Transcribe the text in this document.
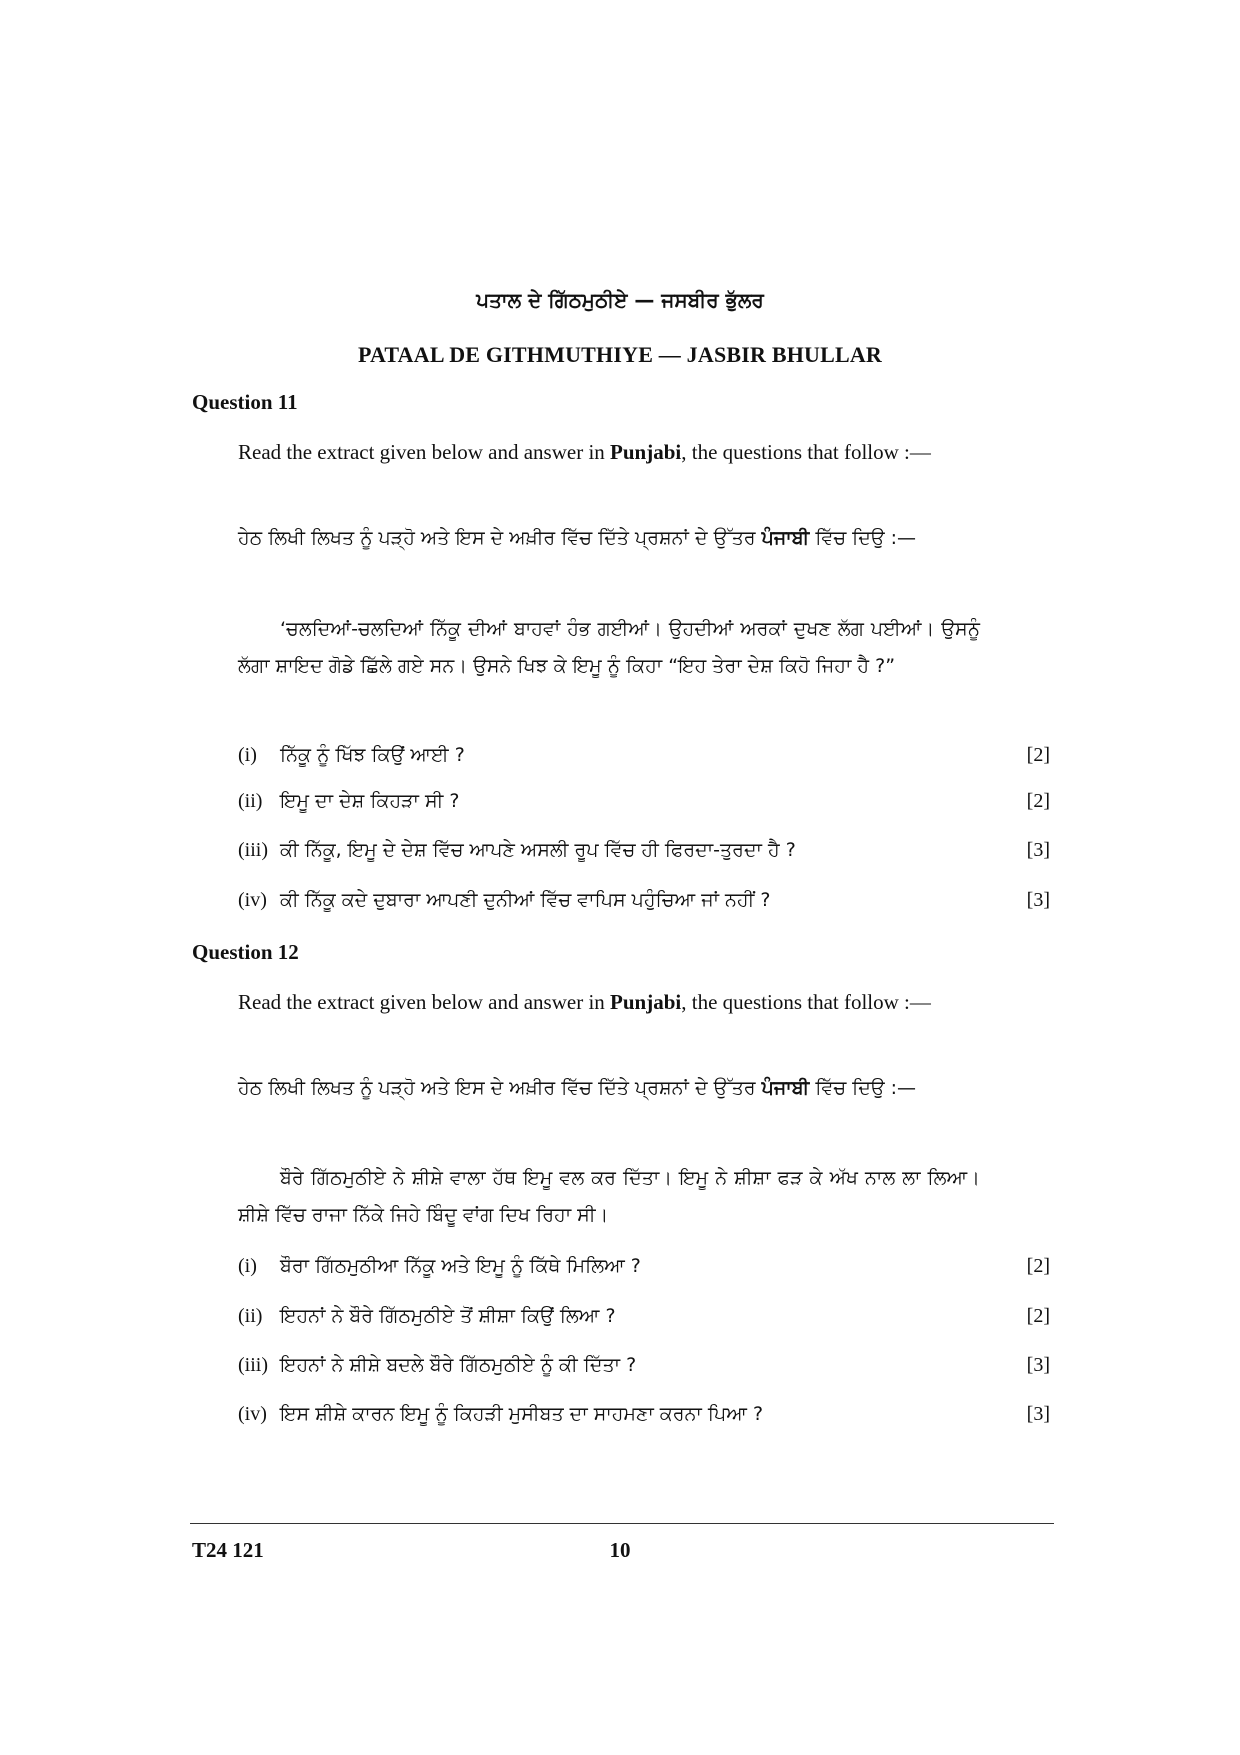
ਪਤਾਲ ਦੇ ਗਿੱਠਮੁਠੀਏ — ਜਸਬੀਰ ਭੁੱਲਰ
PATAAL DE GITHMUTHIYE — JASBIR BHULLAR
Question 11
Read the extract given below and answer in Punjabi, the questions that follow :—
ਹੇਠ ਲਿਖੀ ਲਿਖਤ ਨੂੰ ਪੜ੍ਹੋ ਅਤੇ ਇਸ ਦੇ ਅਖ਼ੀਰ ਵਿੱਚ ਦਿੱਤੇ ਪ੍ਰਸ਼ਨਾਂ ਦੇ ਉੱਤਰ ਪੰਜਾਬੀ ਵਿੱਚ ਦਿਉ :—
‘ਚਲਦਿਆਂ-ਚਲਦਿਆਂ ਨਿੱਕੂ ਦੀਆਂ ਬਾਹਵਾਂ ਹੰਭ ਗਈਆਂ। ਉਹਦੀਆਂ ਅਰਕਾਂ ਦੁਖਣ ਲੱਗ ਪਈਆਂ। ਉਸਨੂੰ ਲੱਗਾ ਸ਼ਾਇਦ ਗੋਡੇ ਛਿੱਲੇ ਗਏ ਸਨ। ਉਸਨੇ ਖਿਝ ਕੇ ਇਮੂ ਨੂੰ ਕਿਹਾ “ਇਹ ਤੇਰਾ ਦੇਸ਼ ਕਿਹੋ ਜਿਹਾ ਹੈ ?”
(i) ਨਿੱਕੂ ਨੂੰ ਖਿੱਝ ਕਿਉਂ ਆਈ ?	[2]
(ii) ਇਮੂ ਦਾ ਦੇਸ਼ ਕਿਹੜਾ ਸੀ ?	[2]
(iii) ਕੀ ਨਿੱਕੂ, ਇਮੂ ਦੇ ਦੇਸ਼ ਵਿੱਚ ਆਪਣੇ ਅਸਲੀ ਰੂਪ ਵਿੱਚ ਹੀ ਫਿਰਦਾ-ਤੁਰਦਾ ਹੈ ?	[3]
(iv) ਕੀ ਨਿੱਕੂ ਕਦੇ ਦੁਬਾਰਾ ਆਪਣੀ ਦੁਨੀਆਂ ਵਿੱਚ ਵਾਪਿਸ ਪਹੁੰਚਿਆ ਜਾਂ ਨਹੀਂ ?	[3]
Question 12
Read the extract given below and answer in Punjabi, the questions that follow :—
ਹੇਠ ਲਿਖੀ ਲਿਖਤ ਨੂੰ ਪੜ੍ਹੋ ਅਤੇ ਇਸ ਦੇ ਅਖ਼ੀਰ ਵਿੱਚ ਦਿੱਤੇ ਪ੍ਰਸ਼ਨਾਂ ਦੇ ਉੱਤਰ ਪੰਜਾਬੀ ਵਿੱਚ ਦਿਉ :—
ਬੌਰੇ ਗਿੱਠਮੁਠੀਏ ਨੇ ਸ਼ੀਸ਼ੇ ਵਾਲਾ ਹੱਥ ਇਮੂ ਵਲ ਕਰ ਦਿੱਤਾ। ਇਮੂ ਨੇ ਸ਼ੀਸ਼ਾ ਫੜ ਕੇ ਅੱਖ ਨਾਲ ਲਾ ਲਿਆ। ਸ਼ੀਸ਼ੇ ਵਿੱਚ ਰਾਜਾ ਨਿੱਕੇ ਜਿਹੇ ਬਿੰਦੂ ਵਾਂਗ ਦਿਖ ਰਿਹਾ ਸੀ।
(i) ਬੌਰਾ ਗਿੱਠਮੁਠੀਆ ਨਿੱਕੂ ਅਤੇ ਇਮੂ ਨੂੰ ਕਿੱਥੇ ਮਿਲਿਆ ?	[2]
(ii) ਇਹਨਾਂ ਨੇ ਬੌਰੇ ਗਿੱਠਮੁਠੀਏ ਤੋਂ ਸ਼ੀਸ਼ਾ ਕਿਉਂ ਲਿਆ ?	[2]
(iii) ਇਹਨਾਂ ਨੇ ਸ਼ੀਸ਼ੇ ਬਦਲੇ ਬੌਰੇ ਗਿੱਠਮੁਠੀਏ ਨੂੰ ਕੀ ਦਿੱਤਾ ?	[3]
(iv) ਇਸ ਸ਼ੀਸ਼ੇ ਕਾਰਨ ਇਮੂ ਨੂੰ ਕਿਹੜੀ ਮੁਸੀਬਤ ਦਾ ਸਾਹਮਣਾ ਕਰਨਾ ਪਿਆ ?	[3]
T24 121	10
